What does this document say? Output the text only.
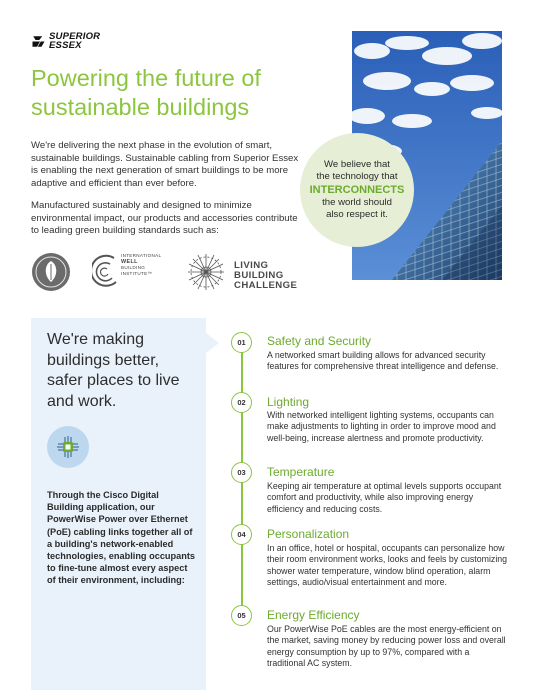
SUPERIOR
ESSEX
Powering the future of
sustainable buildings

We're delivering the next phase in the evolution of smart, sustainable buildings. Sustainable cabling from Superior Essex is enabling the next generation of smart buildings to be more adaptive and efficient than ever before.

Manufactured sustainably and designed to minimize environmental impact, our products and accessories contribute to leading green building standards such as:

We believe that
the technology that
INTERCONNECTS
the world should
also respect it.
INTERNATIONAL
WELL
BUILDING
INSTITUTE™
LIVING
BUILDING
CHALLENGE
We're making buildings better, safer places to live and work.

Through the Cisco Digital Building application, our PowerWise Power over Ethernet (PoE) cabling links together all of a building's network-enabled technologies, enabling occupants to fine-tune almost every aspect of their environment, including:

01	Safety and Security

A networked smart building allows for advanced security features for comprehensive threat intelligence and defense.

02	Lighting

With networked intelligent lighting systems, occupants can make adjustments to lighting in order to improve mood and well-being, increase alertness and promote productivity.

03	Temperature

Keeping air temperature at optimal levels supports occupant comfort and productivity, while also improving energy efficiency and reducing costs.

04	Personalization

In an office, hotel or hospital, occupants can personalize how their room environment works, looks and feels by customizing shower water temperature, window blind operation, alarm settings, audio/visual entertainment and more.

05	Energy Efficiency

Our PowerWise PoE cables are the most energy-efficient on the market, saving money by reducing power loss and overall energy consumption by up to 97%, compared with a traditional AC system.
